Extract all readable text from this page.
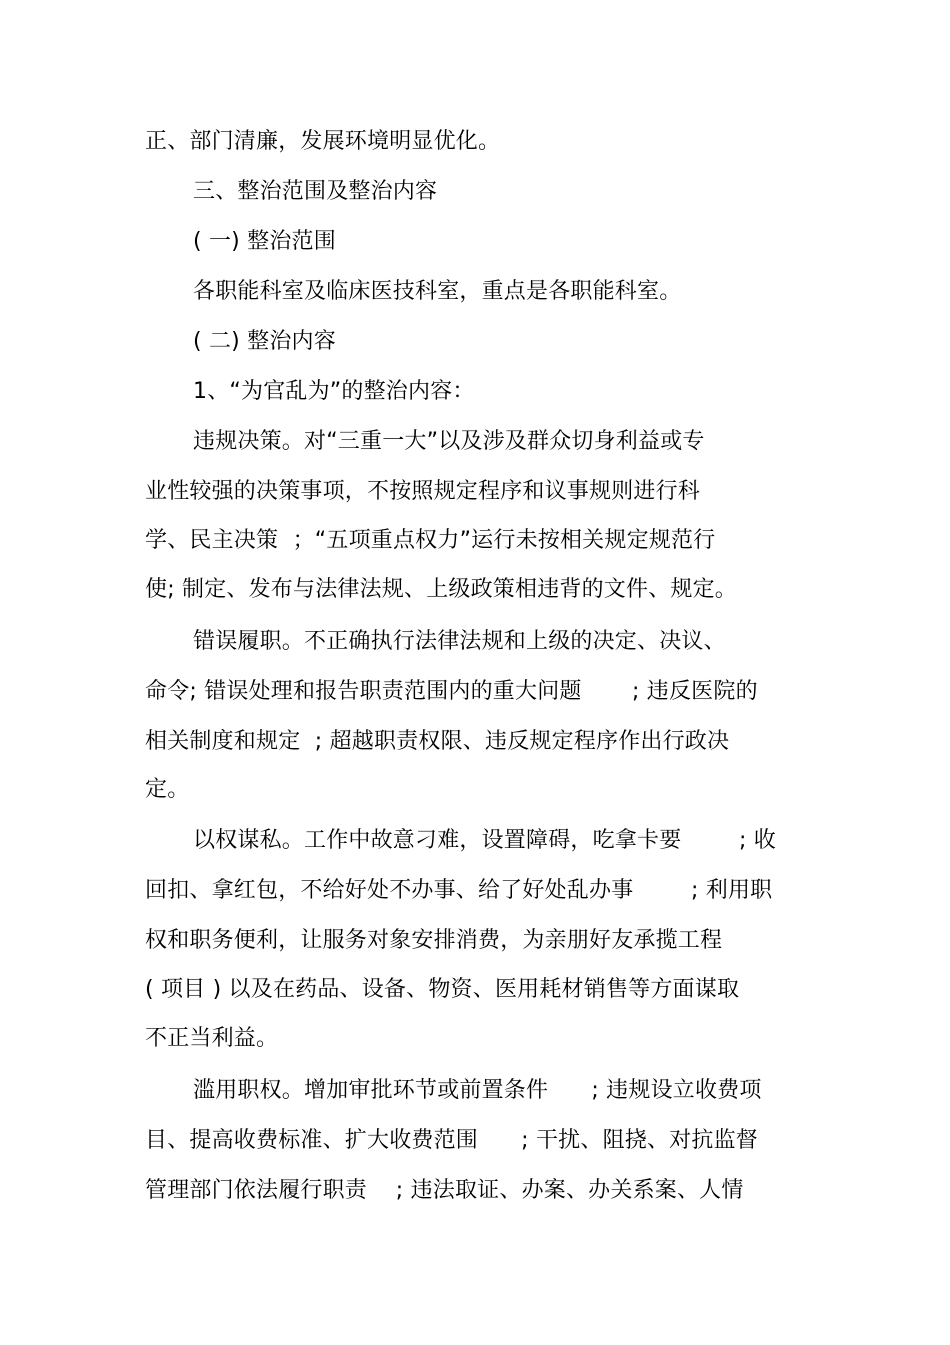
正、部门清廉，发展环境明显优化。
三、整治范围及整治内容
( 一) 整治范围
各职能科室及临床医技科室，重点是各职能科室。
( 二) 整治内容
1、“为官乱为”的整治内容：
违规决策。对“三重一大”以及涉及群众切身利益或专
业性较强的决策事项，不按照规定程序和议事规则进行科
学、民主决策  ；“五项重点权力”运行未按相关规定规范行
使; 制定、发布与法律法规、上级政策相违背的文件、规定。
错误履职。不正确执行法律法规和上级的决定、决议、
命令; 错误处理和报告职责范围内的重大问题       ; 违反医院的
相关制度和规定  ; 超越职责权限、违反规定程序作出行政决
定。
以权谋私。工作中故意刁难，设置障碍，吃拿卡要        ; 收
回扣、拿红包，不给好处不办事、给了好处乱办事        ; 利用职
权和职务便利，让服务对象安排消费，为亲朋好友承揽工程
( 项目 ) 以及在药品、设备、物资、医用耗材销售等方面谋取
不正当利益。
滥用职权。增加审批环节或前置条件      ; 违规设立收费项
目、提高收费标准、扩大收费范围      ; 干扰、阻挠、对抗监督
管理部门依法履行职责    ; 违法取证、办案、办关系案、人情
